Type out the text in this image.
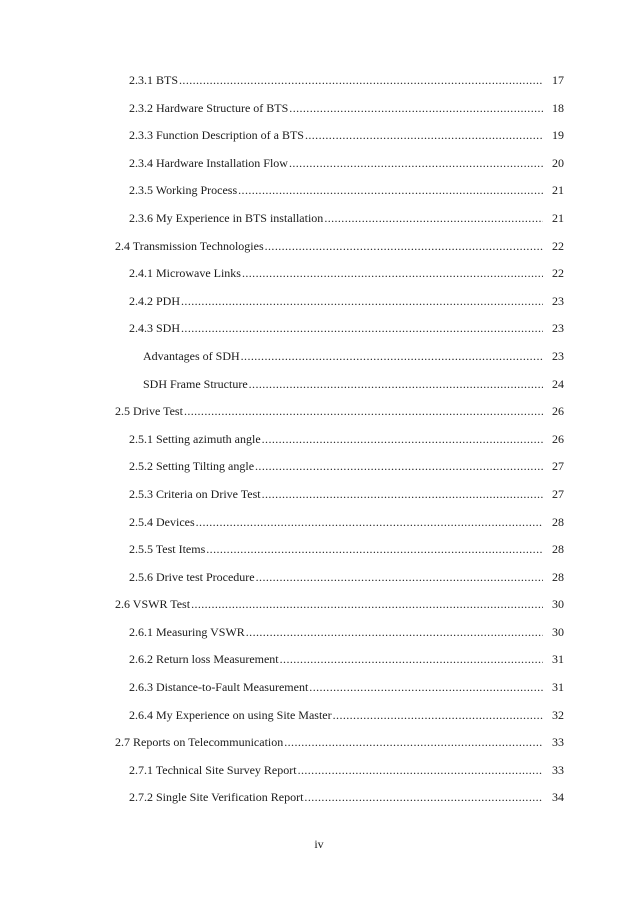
2.3.1 BTS .....	17
2.3.2 Hardware Structure of BTS .....	18
2.3.3 Function Description of a BTS .....	19
2.3.4 Hardware Installation Flow .....	20
2.3.5 Working Process .....	21
2.3.6 My Experience in BTS installation .....	21
2.4 Transmission Technologies .....	22
2.4.1 Microwave Links .....	22
2.4.2 PDH .....	23
2.4.3 SDH .....	23
Advantages of SDH .....	23
SDH Frame Structure .....	24
2.5 Drive Test .....	26
2.5.1 Setting azimuth angle .....	26
2.5.2 Setting Tilting angle .....	27
2.5.3 Criteria on Drive Test .....	27
2.5.4 Devices .....	28
2.5.5 Test Items .....	28
2.5.6 Drive test Procedure .....	28
2.6 VSWR Test .....	30
2.6.1 Measuring VSWR .....	30
2.6.2 Return loss Measurement .....	31
2.6.3 Distance-to-Fault Measurement .....	31
2.6.4 My Experience on using Site Master .....	32
2.7 Reports on Telecommunication .....	33
2.7.1 Technical Site Survey Report .....	33
2.7.2 Single Site Verification Report .....	34
iv
